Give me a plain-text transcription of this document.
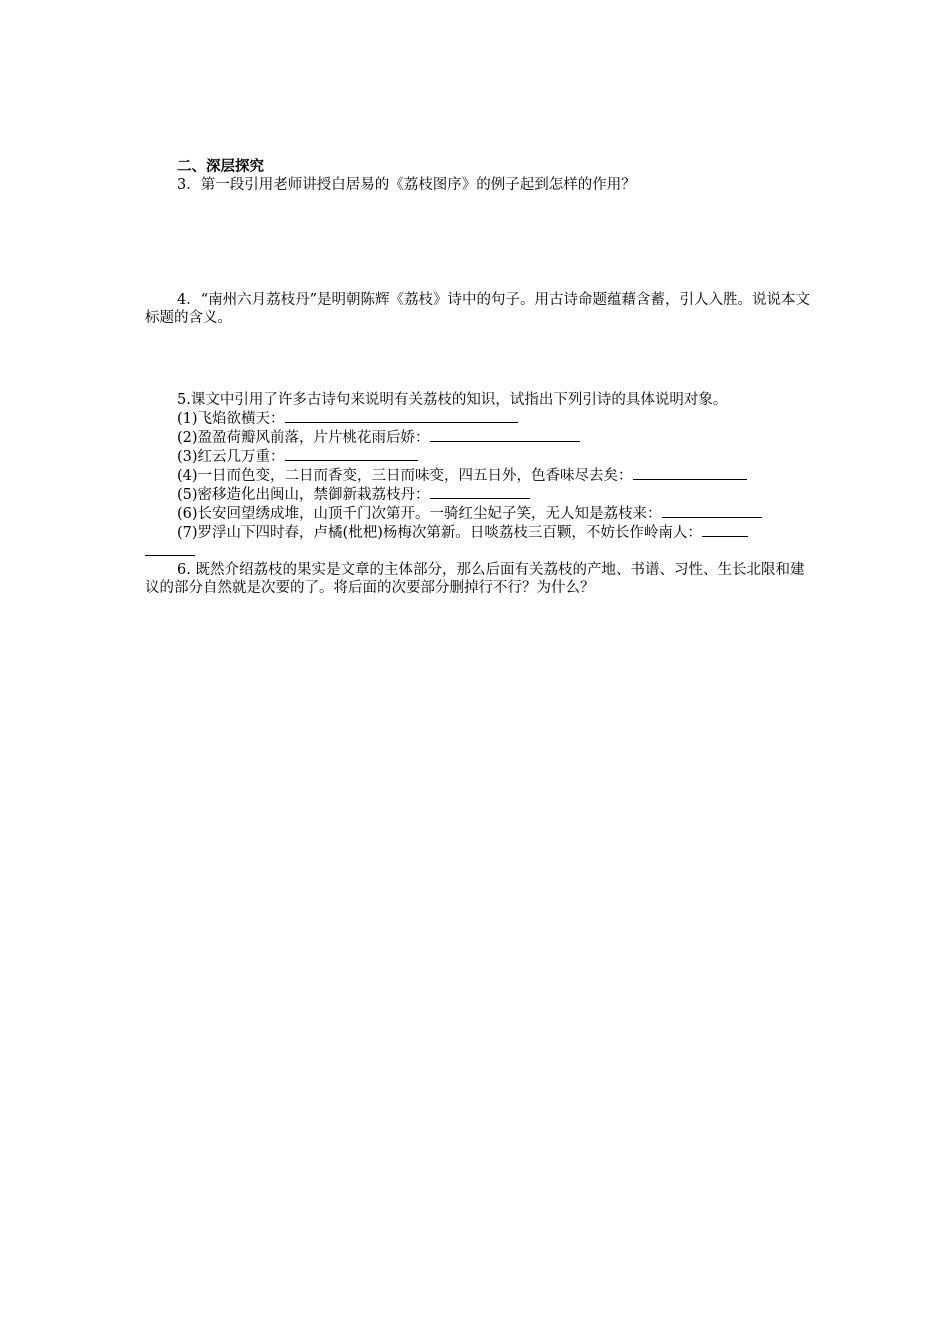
二、深层探究
3．第一段引用老师讲授白居易的《荔枝图序》的例子起到怎样的作用？
4．“南州六月荔枝丹”是明朝陈辉《荔枝》诗中的句子。用古诗命题蕴藉含蓄，引人入胜。说说本文标题的含义。
5.课文中引用了许多古诗句来说明有关荔枝的知识，试指出下列引诗的具体说明对象。
(1)飞焰欲横天：
(2)盈盈荷瓣风前落，片片桃花雨后娇：
(3)红云几万重：
(4)一日而色变，二日而香变，三日而味变，四五日外，色香味尽去矣：
(5)密移造化出闽山，禁御新栽荔枝丹：
(6)长安回望绣成堆，山顶千门次第开。一骑红尘妃子笑，无人知是荔枝来：
(7)罗浮山下四时春，卢橘(枇杷)杨梅次第新。日啖荔枝三百颗，不妨长作岭南人：
6. 既然介绍荔枝的果实是文章的主体部分，那么后面有关荔枝的产地、书谱、习性、生长北限和建议的部分自然就是次要的了。将后面的次要部分删掉行不行？为什么？
